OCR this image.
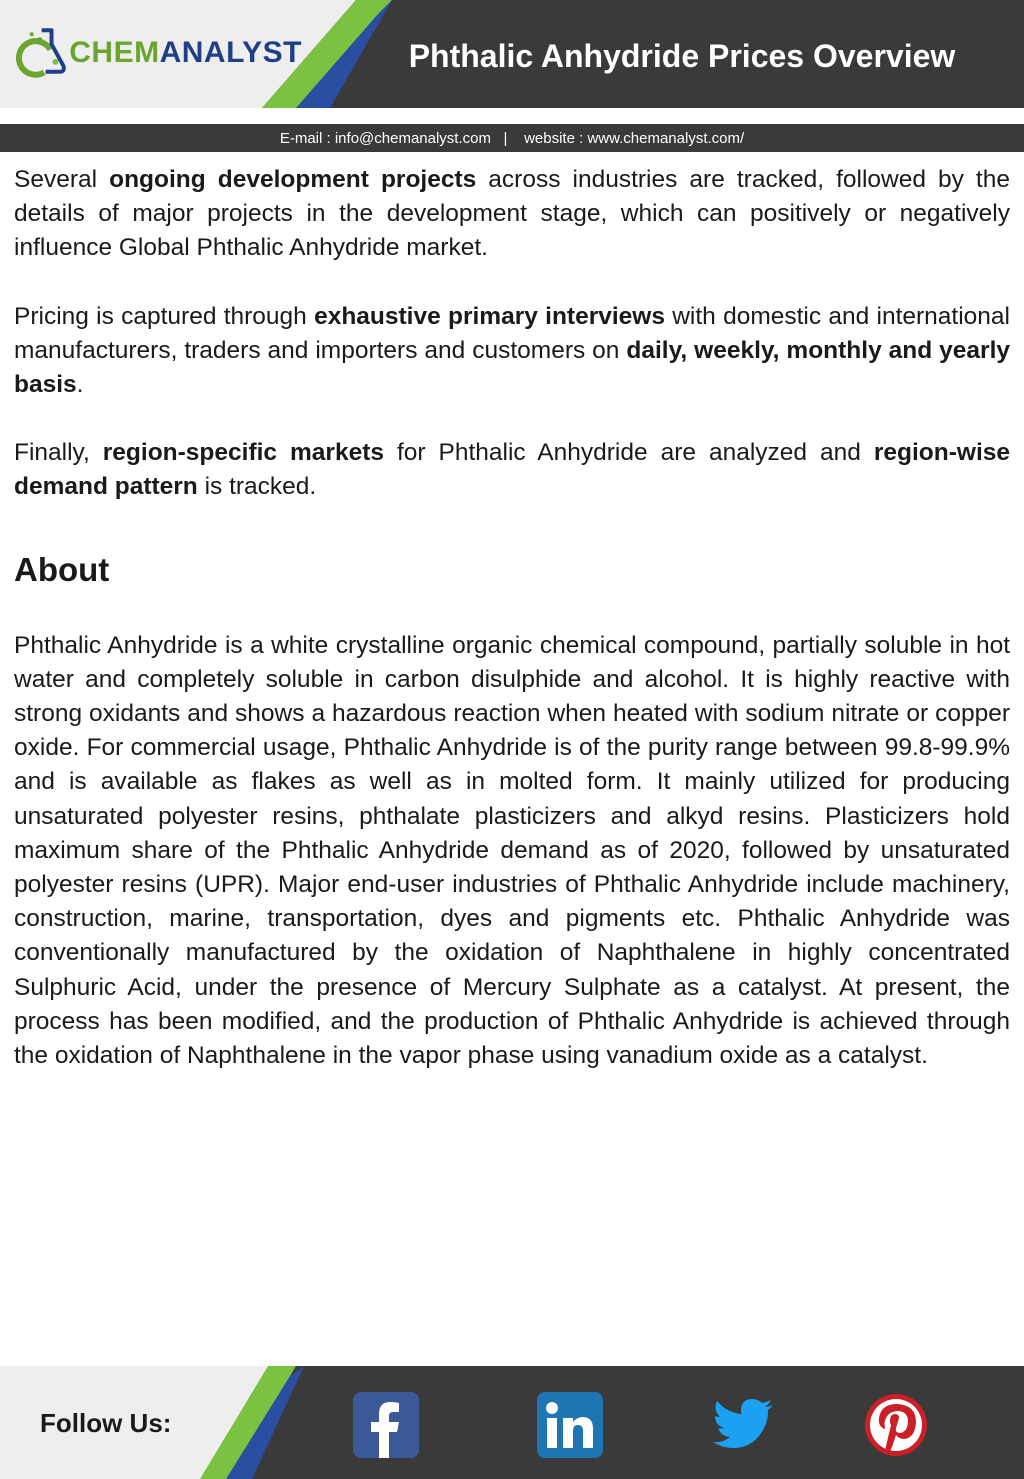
CHEMANALYST	Phthalic Anhydride Prices Overview
E-mail : info@chemanalyst.com
|
website : www.chemanalyst.com/

Several ongoing development projects across industries are tracked, followed by the details of major projects in the development stage, which can positively or negatively influence Global Phthalic Anhydride market.

Pricing is captured through exhaustive primary interviews with domestic and international manufacturers, traders and importers and customers on daily, weekly, monthly and yearly basis.

Finally, region-specific markets for Phthalic Anhydride are analyzed and region-wise demand pattern is tracked.

About

Phthalic Anhydride is a white crystalline organic chemical compound, partially soluble in hot water and completely soluble in carbon disulphide and alcohol. It is highly reactive with strong oxidants and shows a hazardous reaction when heated with sodium nitrate or copper oxide. For commercial usage, Phthalic Anhydride is of the purity range between 99.8-99.9% and is available as flakes as well as in molted form. It mainly utilized for producing unsaturated polyester resins, phthalate plasticizers and alkyd resins. Plasticizers hold maximum share of the Phthalic Anhydride demand as of 2020, followed by unsaturated polyester resins (UPR). Major end-user industries of Phthalic Anhydride include machinery, construction, marine, transportation, dyes and pigments etc. Phthalic Anhydride was conventionally manufactured by the oxidation of Naphthalene in highly concentrated Sulphuric Acid, under the presence of Mercury Sulphate as a catalyst. At present, the process has been modified, and the production of Phthalic Anhydride is achieved through the oxidation of Naphthalene in the vapor phase using vanadium oxide as a catalyst.

Follow Us:
